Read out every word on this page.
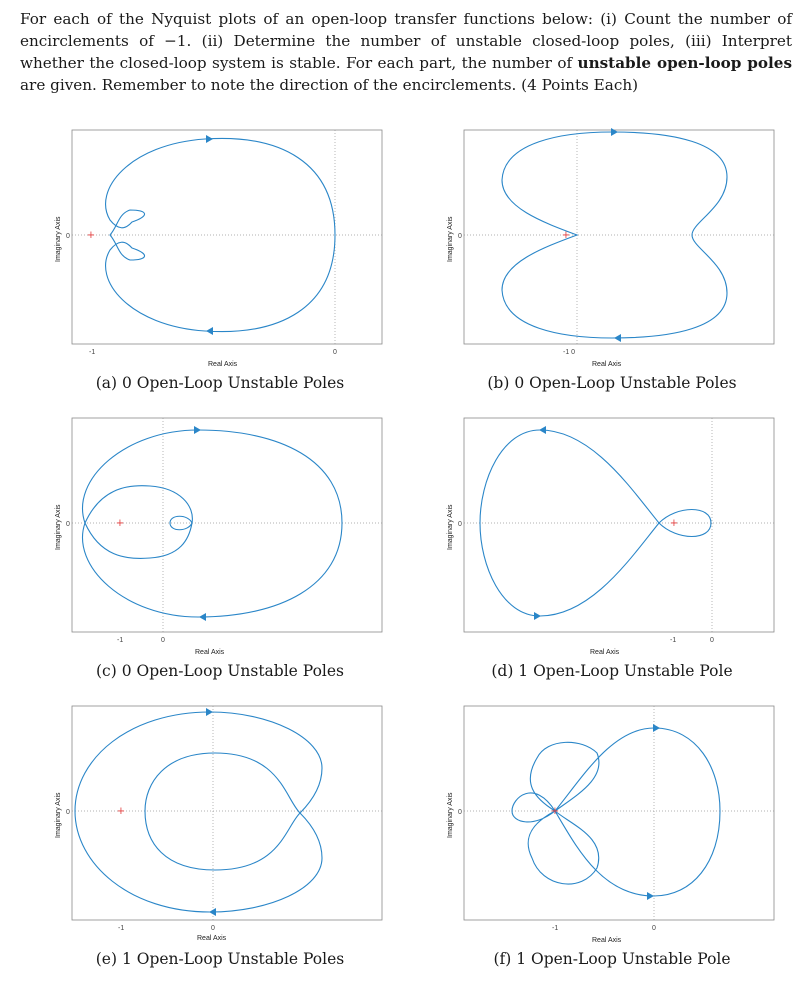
For each of the Nyquist plots of an open-loop transfer functions below: (i) Count the number of encirclements of −1. (ii) Determine the number of unstable closed-loop poles, (iii) Interpret whether the closed-loop system is stable. For each part, the number of unstable open-loop poles are given. Remember to note the direction of the encirclements. (4 Points Each)
+
Imaginary Axis 0
-1	0
Real Axis
(a) 0 Open-Loop Unstable Poles
+
Imaginary Axis 0
-1 0
Real Axis
(b) 0 Open-Loop Unstable Poles
+
Imaginary Axis 0
-1	0
Real Axis
(c) 0 Open-Loop Unstable Poles
+
Imaginary Axis 0
-1	0
Real Axis
(d) 1 Open-Loop Unstable Pole
+
Imaginary Axis 0
-1	0
Real Axis
(e) 1 Open-Loop Unstable Poles
+
Imaginary Axis 0
-1	0
Real Axis
(f) 1 Open-Loop Unstable Pole
